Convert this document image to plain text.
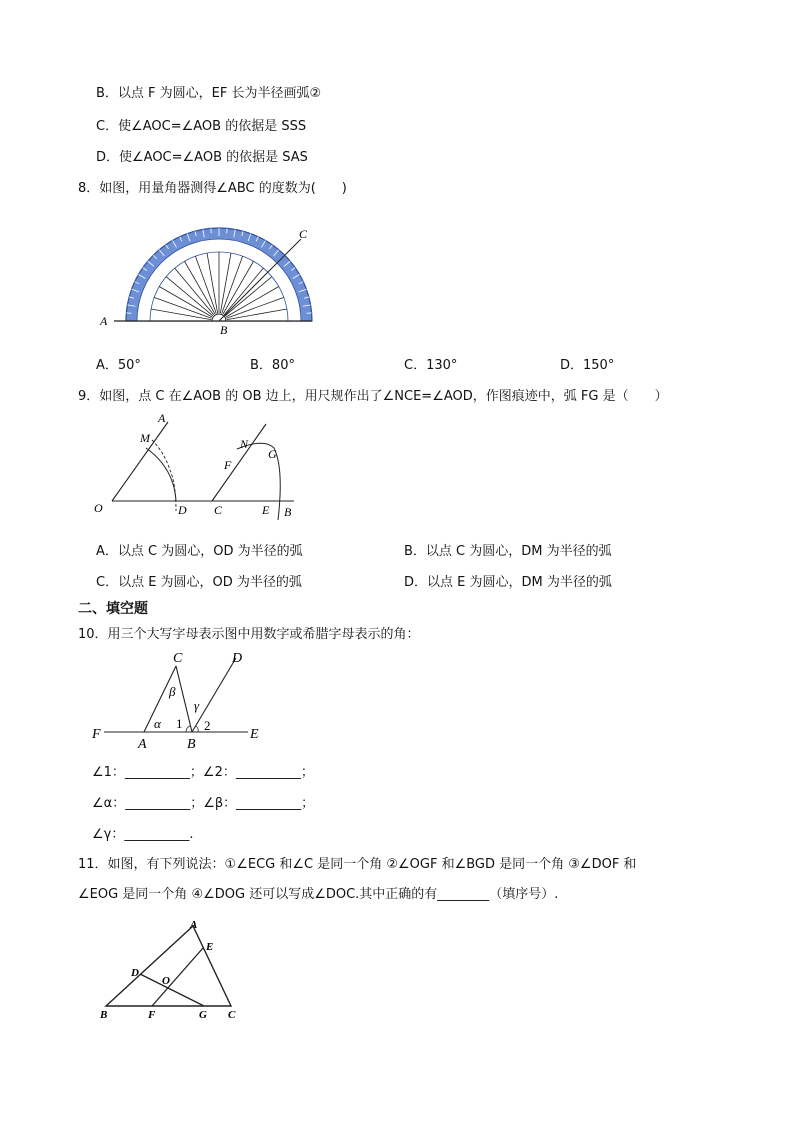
B．以点 F 为圆心，EF 长为半径画弧②
C．使∠AOC=∠AOB 的依据是 SSS
D．使∠AOC=∠AOB 的依据是 SAS
8．如图，用量角器测得∠ABC 的度数为(　　)
A
B
C
A．50°	B．80°	C．130°	D．150°
9．如图，点 C 在∠AOB 的 OB 边上，用尺规作出了∠NCE=∠AOD，作图痕迹中，弧 FG 是（　　）
O
A
M
D C
N
G
F
E B
A．以点 C 为圆心，OD 为半径的弧	B．以点 C 为圆心，DM 为半径的弧
C．以点 E 为圆心，OD 为半径的弧	D．以点 E 为圆心，DM 为半径的弧
二、填空题
10．用三个大写字母表示图中用数字或希腊字母表示的角：
C	D
F
A	B
E
α
β
γ
1 2
∠1：__________；∠2：__________；
∠α：__________；∠β：__________；
∠γ：__________.
11．如图，有下列说法：①∠ECG 和∠C 是同一个角 ②∠OGF 和∠BGD 是同一个角 ③∠DOF 和
∠EOG 是同一个角 ④∠DOG 还可以写成∠DOC.其中正确的有________（填序号）.
A
E
D
O
B	F	G C
